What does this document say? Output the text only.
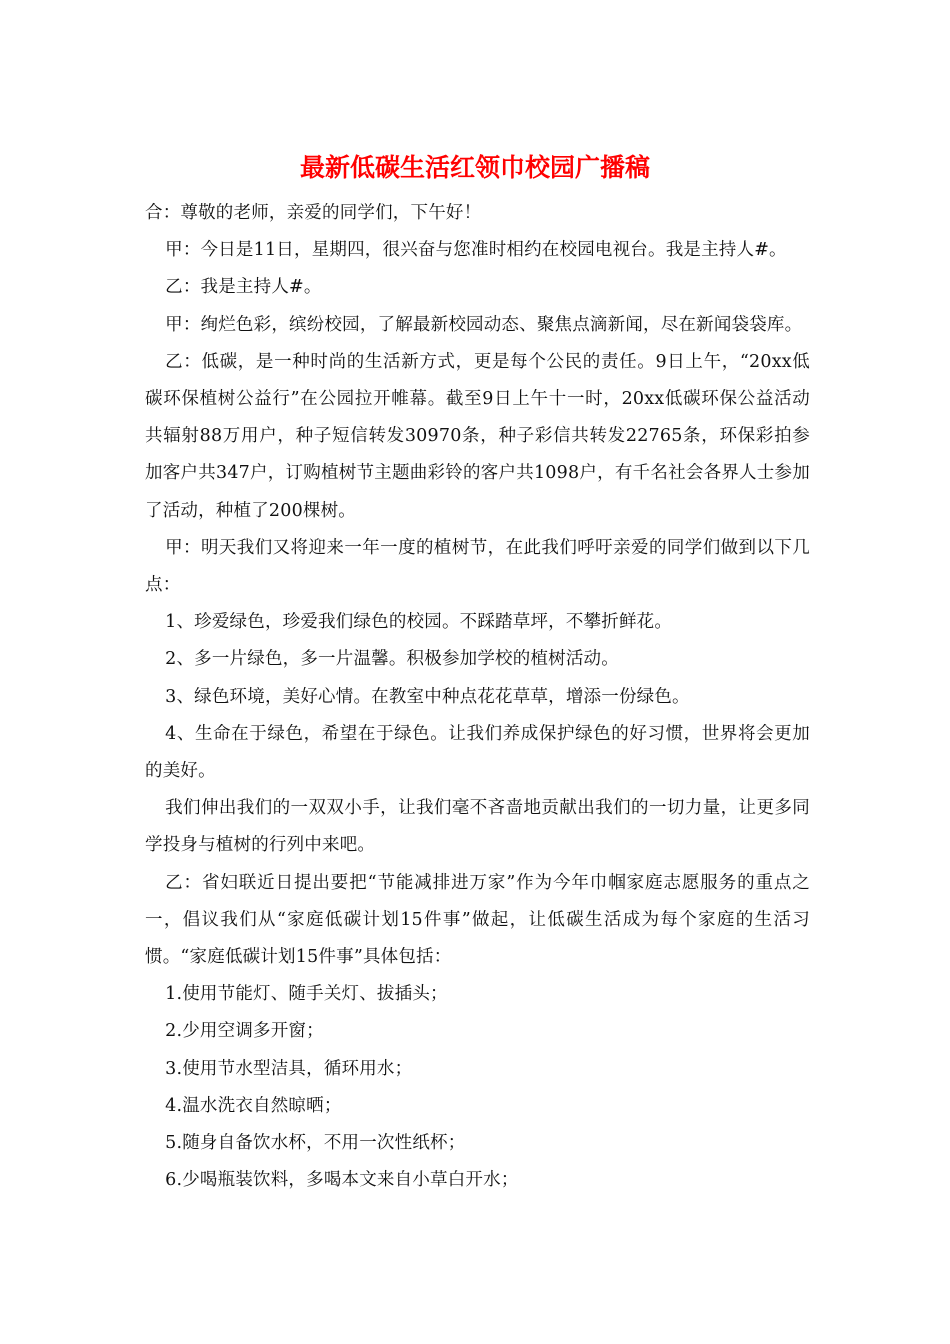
最新低碳生活红领巾校园广播稿

合：尊敬的老师，亲爱的同学们，下午好！

甲：今日是11日，星期四，很兴奋与您准时相约在校园电视台。我是主持人#。

乙：我是主持人#。

甲：绚烂色彩，缤纷校园，了解最新校园动态、聚焦点滴新闻，尽在新闻袋袋库。

乙：低碳，是一种时尚的生活新方式，更是每个公民的责任。9日上午，“20xx低碳环保植树公益行”在公园拉开帷幕。截至9日上午十一时，20xx低碳环保公益活动共辐射88万用户，种子短信转发30970条，种子彩信共转发22765条，环保彩拍参加客户共347户，订购植树节主题曲彩铃的客户共1098户，有千名社会各界人士参加了活动，种植了200棵树。

甲：明天我们又将迎来一年一度的植树节，在此我们呼吁亲爱的同学们做到以下几点：

1、珍爱绿色，珍爱我们绿色的校园。不踩踏草坪，不攀折鲜花。

2、多一片绿色，多一片温馨。积极参加学校的植树活动。

3、绿色环境，美好心情。在教室中种点花花草草，增添一份绿色。

4、生命在于绿色，希望在于绿色。让我们养成保护绿色的好习惯，世界将会更加的美好。

我们伸出我们的一双双小手，让我们毫不吝啬地贡献出我们的一切力量，让更多同学投身与植树的行列中来吧。

乙：省妇联近日提出要把“节能减排进万家”作为今年巾帼家庭志愿服务的重点之一，倡议我们从“家庭低碳计划15件事”做起，让低碳生活成为每个家庭的生活习惯。“家庭低碳计划15件事”具体包括：

1.使用节能灯、随手关灯、拔插头；

2.少用空调多开窗；

3.使用节水型洁具，循环用水；

4.温水洗衣自然晾晒；

5.随身自备饮水杯，不用一次性纸杯；

6.少喝瓶装饮料，多喝本文来自小草白开水；
